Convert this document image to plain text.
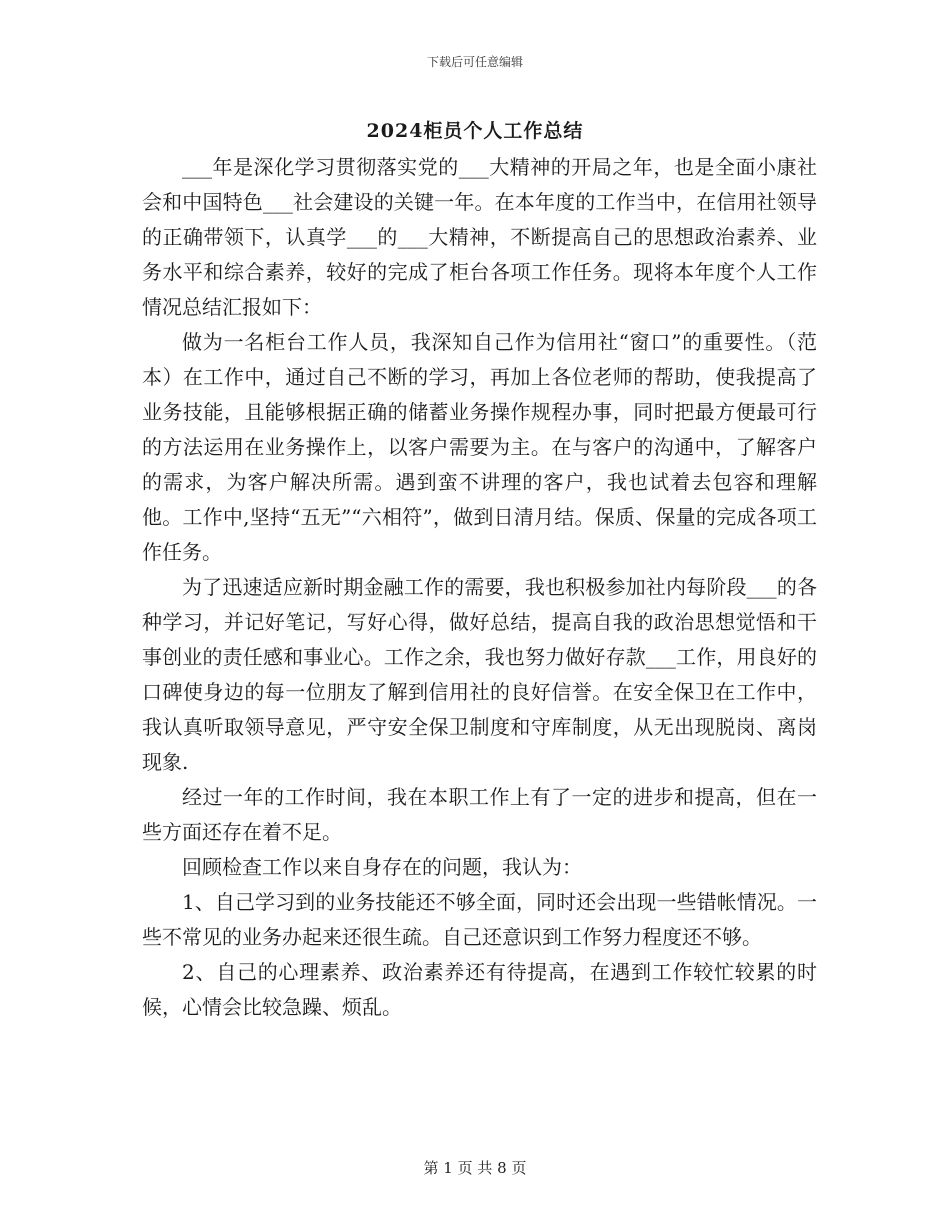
下载后可任意编辑
2024柜员个人工作总结

___年是深化学习贯彻落实党的___大精神的开局之年，也是全面小康社会和中国特色___社会建设的关键一年。在本年度的工作当中，在信用社领导的正确带领下，认真学___的___大精神，不断提高自己的思想政治素养、业务水平和综合素养，较好的完成了柜台各项工作任务。现将本年度个人工作情况总结汇报如下：

做为一名柜台工作人员，我深知自己作为信用社“窗口”的重要性。（范本）在工作中，通过自己不断的学习，再加上各位老师的帮助，使我提高了业务技能，且能够根据正确的储蓄业务操作规程办事，同时把最方便最可行的方法运用在业务操作上，以客户需要为主。在与客户的沟通中，了解客户的需求，为客户解决所需。遇到蛮不讲理的客户，我也试着去包容和理解他。工作中,坚持“五无”“六相符”，做到日清月结。保质、保量的完成各项工作任务。

为了迅速适应新时期金融工作的需要，我也积极参加社内每阶段___的各种学习，并记好笔记，写好心得，做好总结，提高自我的政治思想觉悟和干事创业的责任感和事业心。工作之余，我也努力做好存款___工作，用良好的口碑使身边的每一位朋友了解到信用社的良好信誉。在安全保卫在工作中，我认真听取领导意见，严守安全保卫制度和守库制度，从无出现脱岗、离岗现象.

经过一年的工作时间，我在本职工作上有了一定的进步和提高，但在一些方面还存在着不足。

回顾检查工作以来自身存在的问题，我认为：

1、自己学习到的业务技能还不够全面，同时还会出现一些错帐情况。一些不常见的业务办起来还很生疏。自己还意识到工作努力程度还不够。

2、自己的心理素养、政治素养还有待提高，在遇到工作较忙较累的时候，心情会比较急躁、烦乱。

第 1 页 共 8 页
